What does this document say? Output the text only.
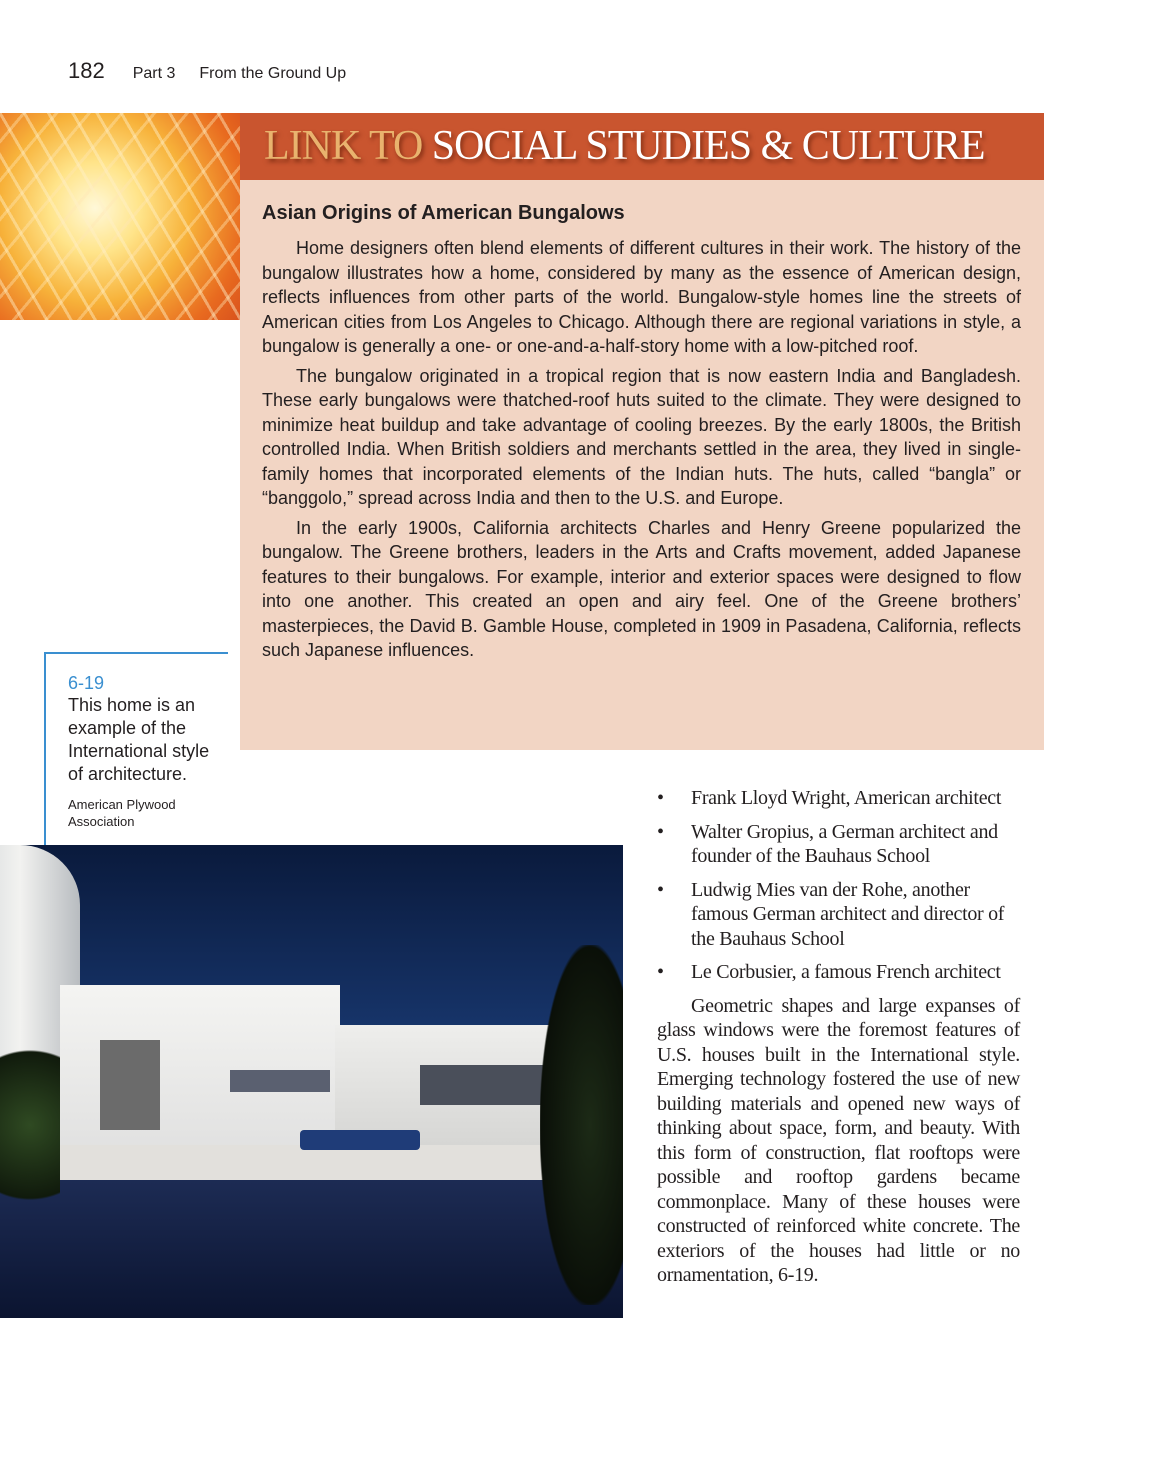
182 Part 3 From the Ground Up
LINK TO SOCIAL STUDIES & CULTURE
Asian Origins of American Bungalows

Home designers often blend elements of different cultures in their work. The history of the bungalow illustrates how a home, considered by many as the essence of American design, reflects influences from other parts of the world. Bungalow-style homes line the streets of American cities from Los Angeles to Chicago. Although there are regional variations in style, a bungalow is generally a one- or one-and-a-half-story home with a low-pitched roof.

The bungalow originated in a tropical region that is now eastern India and Bangladesh. These early bungalows were thatched-roof huts suited to the climate. They were designed to minimize heat buildup and take advantage of cooling breezes. By the early 1800s, the British controlled India. When British soldiers and merchants settled in the area, they lived in single-family homes that incorporated elements of the Indian huts. The huts, called “bangla” or “banggolo,” spread across India and then to the U.S. and Europe.

In the early 1900s, California architects Charles and Henry Greene popularized the bungalow. The Greene brothers, leaders in the Arts and Crafts movement, added Japanese features to their bungalows. For example, interior and exterior spaces were designed to flow into one another. This created an open and airy feel. One of the Greene brothers’ masterpieces, the David B. Gamble House, completed in 1909 in Pasadena, California, reflects such Japanese influences.

6-19
This home is an example of the International style of architecture.
American Plywood Association
• Frank Lloyd Wright, American architect
• Walter Gropius, a German architect and founder of the Bauhaus School
• Ludwig Mies van der Rohe, another famous German architect and director of the Bauhaus School
• Le Corbusier, a famous French architect

Geometric shapes and large expanses of glass windows were the foremost features of U.S. houses built in the International style. Emerging technology fostered the use of new building materials and opened new ways of thinking about space, form, and beauty. With this form of construction, flat rooftops were possible and rooftop gardens became commonplace. Many of these houses were constructed of reinforced white concrete. The exteriors of the houses had little or no ornamentation, 6-19.
